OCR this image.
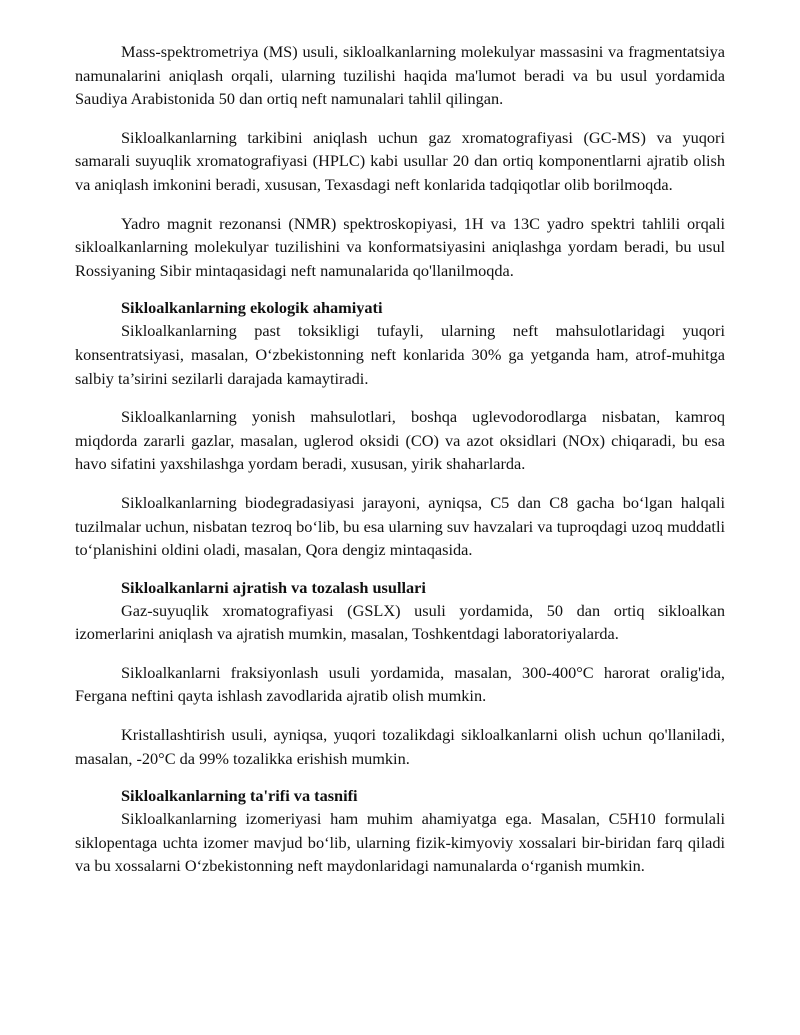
Mass-spektrometriya (MS) usuli, sikloalkanlarning molekulyar massasini va fragmentatsiya namunalarini aniqlash orqali, ularning tuzilishi haqida ma'lumot beradi va bu usul yordamida Saudiya Arabistonida 50 dan ortiq neft namunalari tahlil qilingan.

Sikloalkanlarning tarkibini aniqlash uchun gaz xromatografiyasi (GC-MS) va yuqori samarali suyuqlik xromatografiyasi (HPLC) kabi usullar 20 dan ortiq komponentlarni ajratib olish va aniqlash imkonini beradi, xususan, Texasdagi neft konlarida tadqiqotlar olib borilmoqda.

Yadro magnit rezonansi (NMR) spektroskopiyasi, 1H va 13C yadro spektri tahlili orqali sikloalkanlarning molekulyar tuzilishini va konformatsiyasini aniqlashga yordam beradi, bu usul Rossiyaning Sibir mintaqasidagi neft namunalarida qo'llanilmoqda.

Sikloalkanlarning ekologik ahamiyati

Sikloalkanlarning past toksikligi tufayli, ularning neft mahsulotlaridagi yuqori konsentratsiyasi, masalan, O‘zbekistonning neft konlarida 30% ga yetganda ham, atrof-muhitga salbiy ta’sirini sezilarli darajada kamaytiradi.

Sikloalkanlarning yonish mahsulotlari, boshqa uglevodorodlarga nisbatan, kamroq miqdorda zararli gazlar, masalan, uglerod oksidi (CO) va azot oksidlari (NOx) chiqaradi, bu esa havo sifatini yaxshilashga yordam beradi, xususan, yirik shaharlarda.

Sikloalkanlarning biodegradasiyasi jarayoni, ayniqsa, C5 dan C8 gacha bo‘lgan halqali tuzilmalar uchun, nisbatan tezroq bo‘lib, bu esa ularning suv havzalari va tuproqdagi uzoq muddatli to‘planishini oldini oladi, masalan, Qora dengiz mintaqasida.

Sikloalkanlarni ajratish va tozalash usullari

Gaz-suyuqlik xromatografiyasi (GSLX) usuli yordamida, 50 dan ortiq sikloalkan izomerlarini aniqlash va ajratish mumkin, masalan, Toshkentdagi laboratoriyalarda.

Sikloalkanlarni fraksiyonlash usuli yordamida, masalan, 300-400°C harorat oralig'ida, Fergana neftini qayta ishlash zavodlarida ajratib olish mumkin.

Kristallashtirish usuli, ayniqsa, yuqori tozalikdagi sikloalkanlarni olish uchun qo'llaniladi, masalan, -20°C da 99% tozalikka erishish mumkin.

Sikloalkanlarning ta'rifi va tasnifi

Sikloalkanlarning izomeriyasi ham muhim ahamiyatga ega. Masalan, C5H10 formulali siklopentaga uchta izomer mavjud bo‘lib, ularning fizik-kimyoviy xossalari bir-biridan farq qiladi va bu xossalarni O‘zbekistonning neft maydonlaridagi namunalarda o‘rganish mumkin.
